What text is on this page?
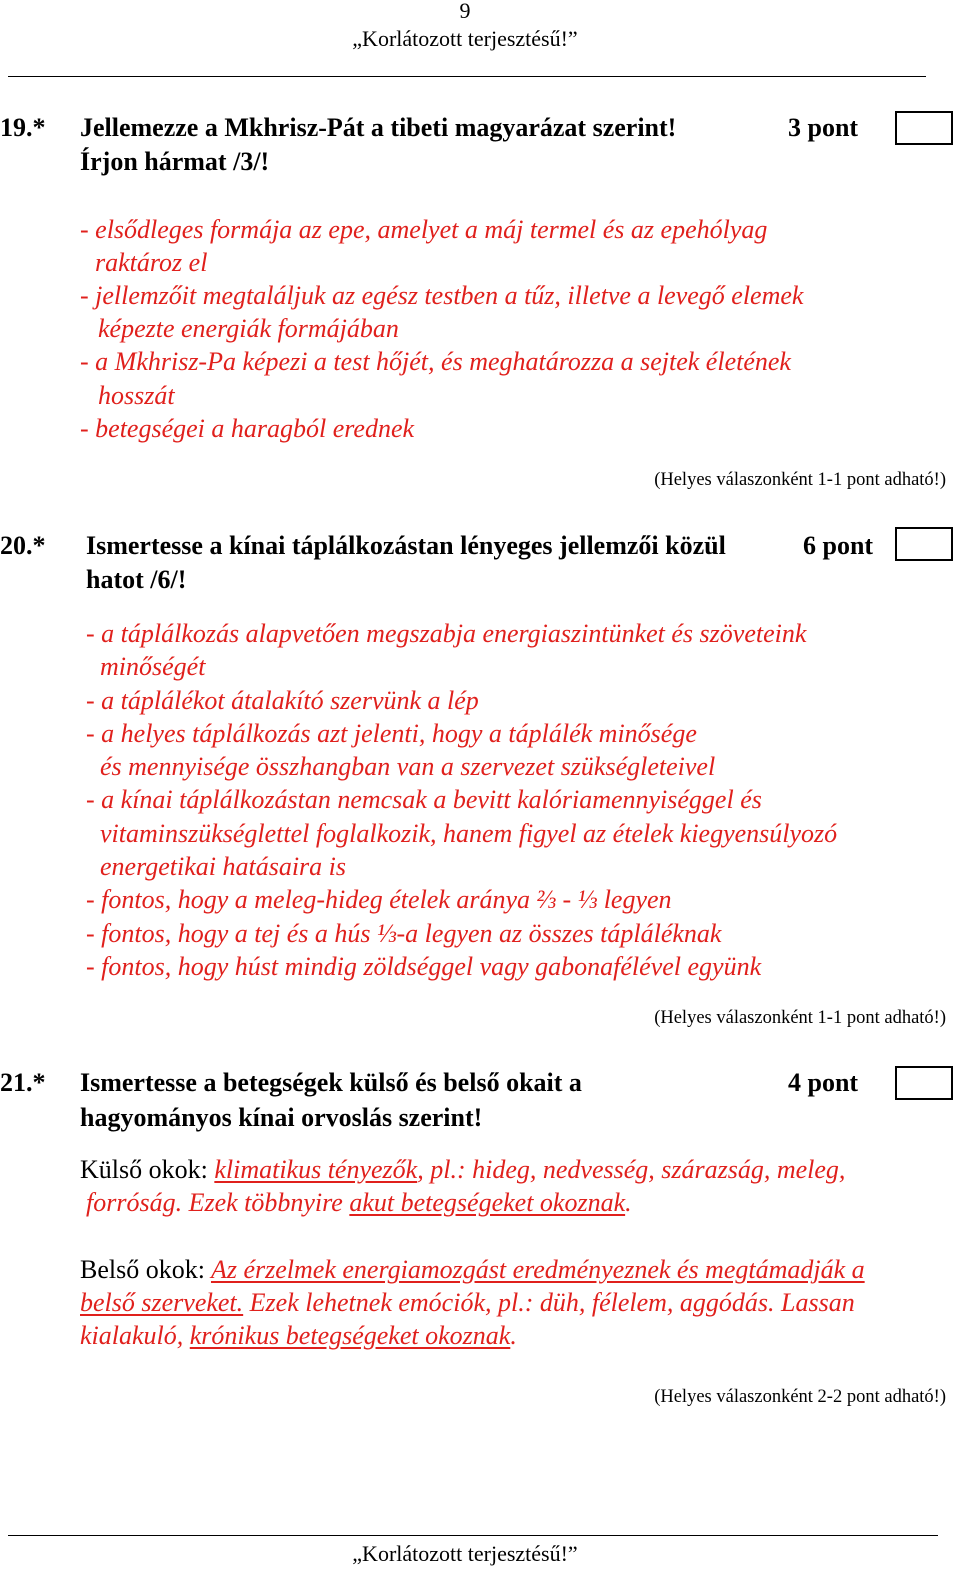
9
„Korlátozott terjesztésű!”
19.* Jellemezze a Mkhrisz-Pát a tibeti magyarázat szerint!
Írjon hármat /3/!
3 pont
- elsődleges formája az epe, amelyet a máj termel és az epehólyag
raktároz el
- jellemzőit megtaláljuk az egész testben a tűz, illetve a levegő elemek
képezte energiák formájában
- a Mkhrisz-Pa képezi a test hőjét, és meghatározza a sejtek életének
hosszát
- betegségei a haragból erednek
(Helyes válaszonként 1-1 pont adható!)
20.* Ismertesse a kínai táplálkozástan lényeges jellemzői közül
hatot /6/!
6 pont
- a táplálkozás alapvetően megszabja energiaszintünket és szöveteink
minőségét
- a táplálékot átalakító szervünk a lép
- a helyes táplálkozás azt jelenti, hogy a táplálék minősége
és mennyisége összhangban van a szervezet szükségleteivel
- a kínai táplálkozástan nemcsak a bevitt kalóriamennyiséggel és
vitaminszükséglettel foglalkozik, hanem figyel az ételek kiegyensúlyozó
energetikai hatásaira is
- fontos, hogy a meleg-hideg ételek aránya ⅔ - ⅓ legyen
- fontos, hogy a tej és a hús ⅓-a legyen az összes tápláléknak
- fontos, hogy húst mindig zöldséggel vagy gabonafélével együnk
(Helyes válaszonként 1-1 pont adható!)
21.* Ismertesse a betegségek külső és belső okait a
hagyományos kínai orvoslás szerint!
4 pont
Külső okok: klimatikus tényezők, pl.: hideg, nedvesség, szárazság, meleg,
forróság. Ezek többnyire akut betegségeket okoznak.
Belső okok: Az érzelmek energiamozgást eredményeznek és megtámadják a
belső szerveket. Ezek lehetnek emóciók, pl.: düh, félelem, aggódás. Lassan
kialakuló, krónikus betegségeket okoznak.
(Helyes válaszonként 2-2 pont adható!)
„Korlátozott terjesztésű!”
